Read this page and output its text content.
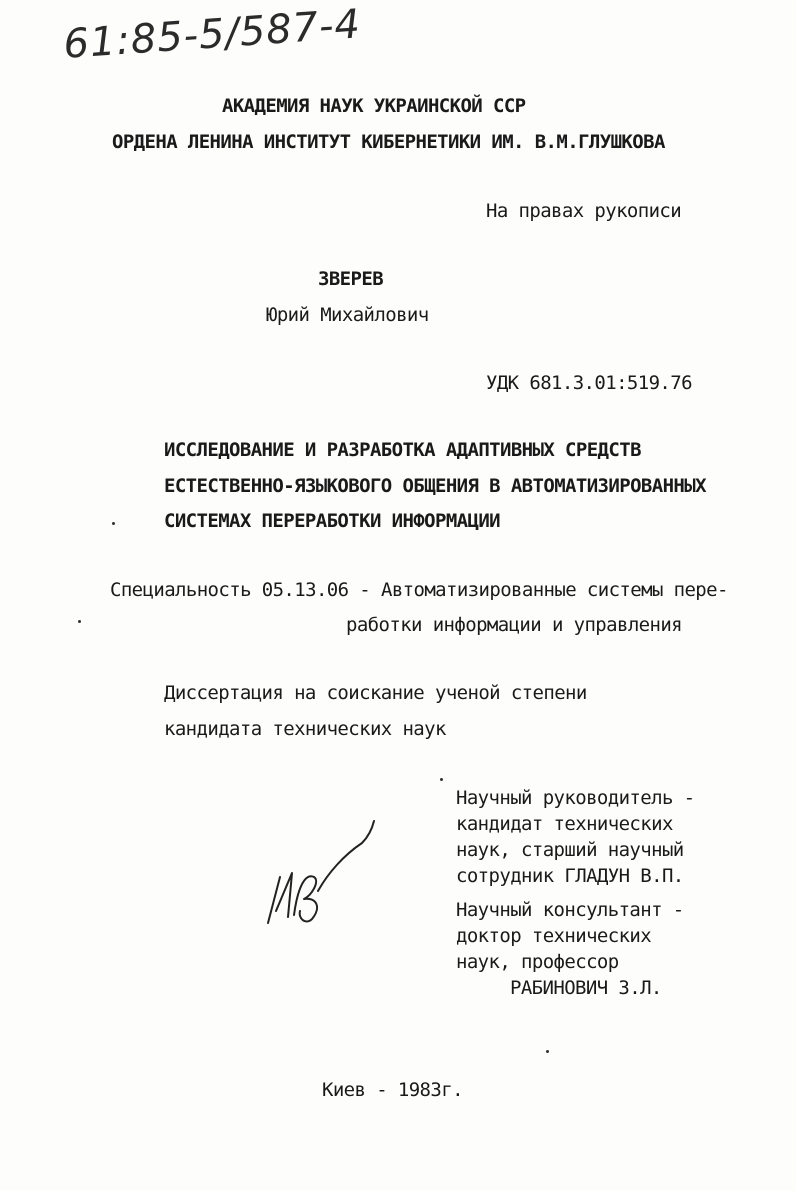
61:85-5/587-4
АКАДЕМИЯ НАУК УКРАИНСКОЙ ССР
ОРДЕНА ЛЕНИНА ИНСТИТУТ КИБЕРНЕТИКИ ИМ. В.М.ГЛУШКОВА
На правах рукописи
ЗВЕРЕВ
Юрий Михайлович
УДК 681.3.01:519.76
ИССЛЕДОВАНИЕ И РАЗРАБОТКА АДАПТИВНЫХ СРЕДСТВ
ЕСТЕСТВЕННО-ЯЗЫКОВОГО ОБЩЕНИЯ В АВТОМАТИЗИРОВАННЫХ
СИСТЕМАХ ПЕРЕРАБОТКИ ИНФОРМАЦИИ
Специальность 05.13.06 - Автоматизированные системы пере-
работки информации и управления
Диссертация на соискание ученой степени
кандидата технических наук
Научный руководитель -
кандидат технических
наук, старший научный
сотрудник ГЛАДУН В.П.
Научный консультант -
доктор технических
наук, профессор
РАБИНОВИЧ З.Л.
Киев - 1983г.
